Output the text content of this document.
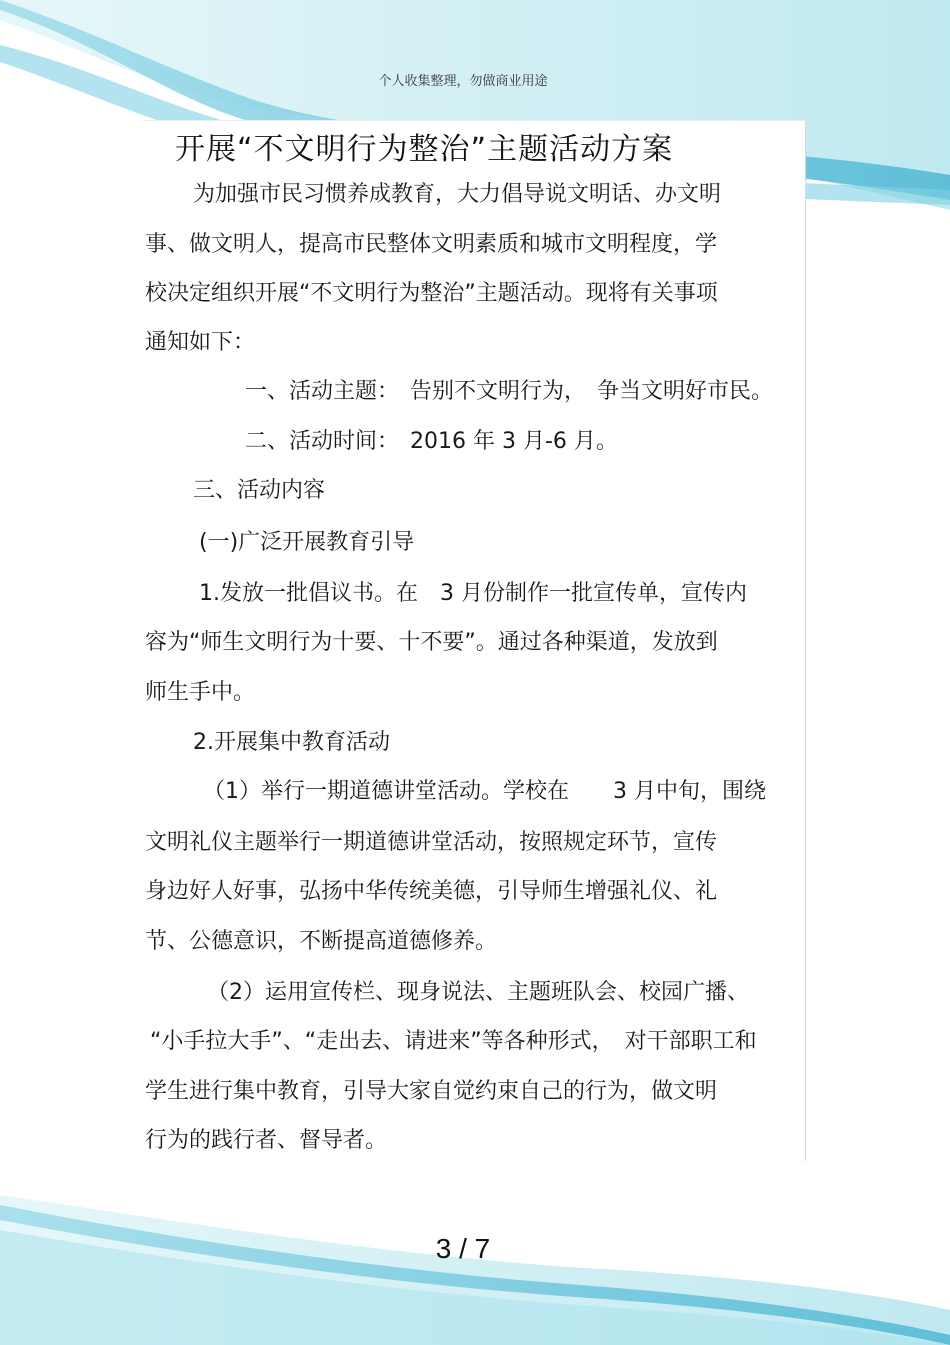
个人收集整理，勿做商业用途
开展“不文明行为整治”主题活动方案
为加强市民习惯养成教育，大力倡导说文明话、办文明
事、做文明人，提高市民整体文明素质和城市文明程度，学
校决定组织开展“不文明行为整治”主题活动。现将有关事项
通知如下：
一、活动主题：　告别不文明行为，　争当文明好市民。
二、活动时间：　2016 年 3 月-6 月。
三、活动内容
(一)广泛开展教育引导
1.发放一批倡议书。在　3 月份制作一批宣传单，宣传内
容为“师生文明行为十要、十不要”。通过各种渠道，发放到
师生手中。
2.开展集中教育活动
（1）举行一期道德讲堂活动。学校在　　3 月中旬，围绕
文明礼仪主题举行一期道德讲堂活动，按照规定环节，宣传
身边好人好事，弘扬中华传统美德，引导师生增强礼仪、礼
节、公德意识，不断提高道德修养。
（2）运用宣传栏、现身说法、主题班队会、校园广播、
“小手拉大手”、“走出去、请进来”等各种形式，　对干部职工和
学生进行集中教育，引导大家自觉约束自己的行为，做文明
行为的践行者、督导者。
3 / 7
